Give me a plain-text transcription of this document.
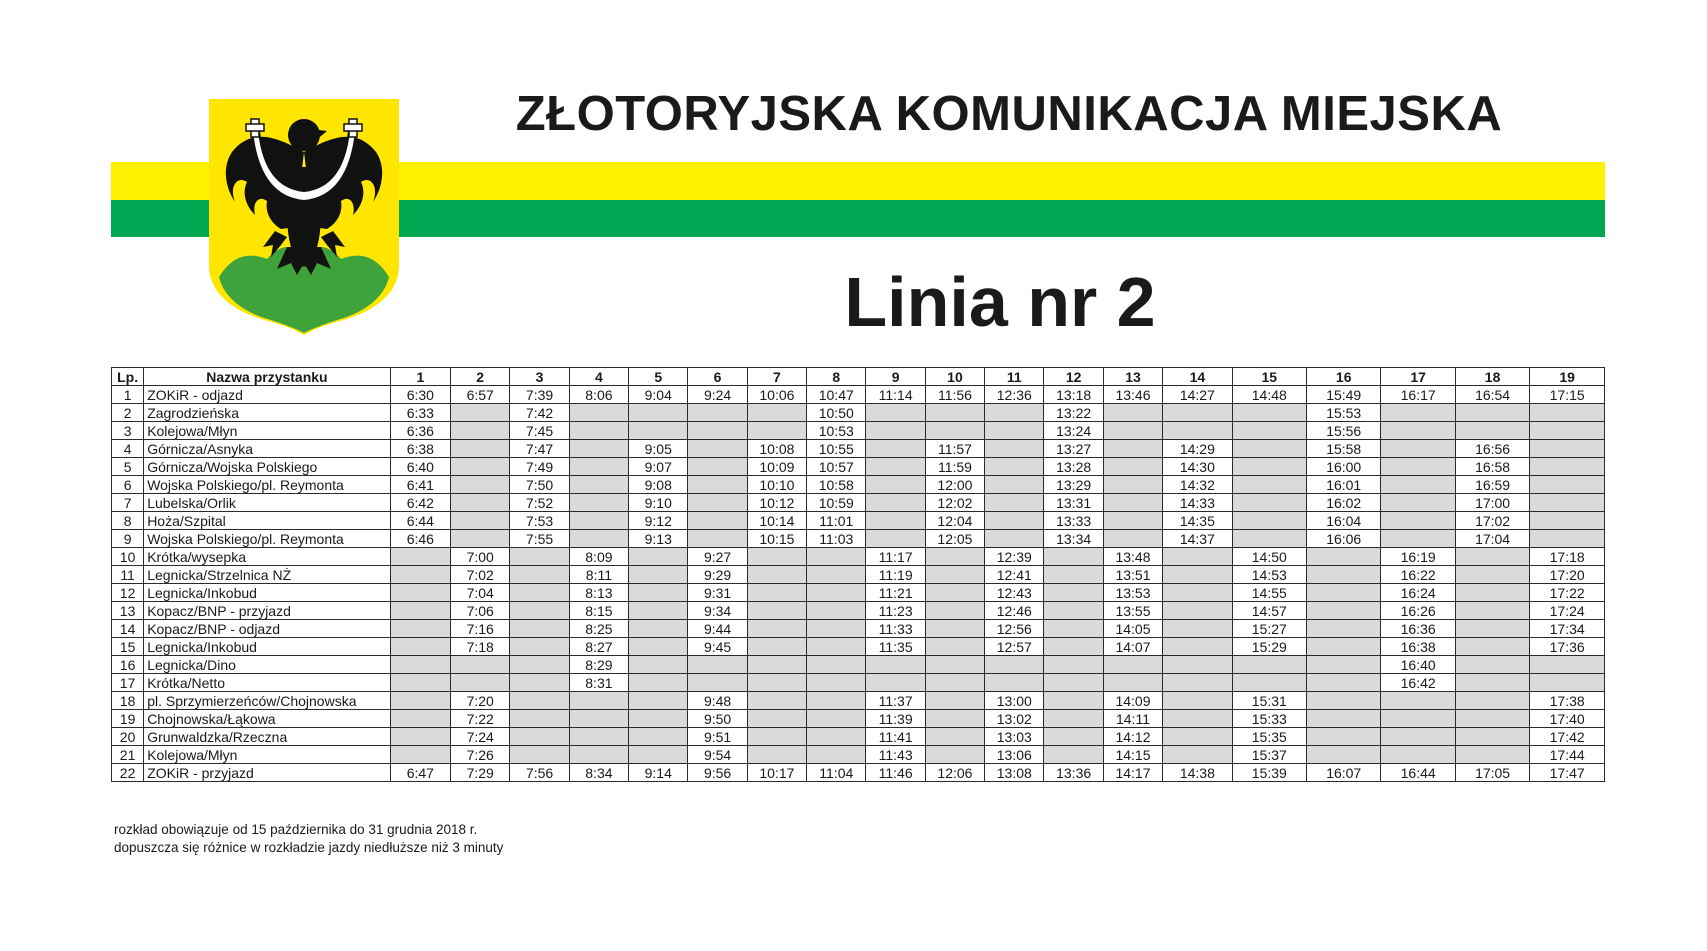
ZŁOTORYJSKA KOMUNIKACJA MIEJSKA
Linia nr 2
Lp.	Nazwa przystanku	1	2	3	4	5	6	7	8	9	10	11	12	13	14	15	16	17	18	19
1	ZOKiR - odjazd	6:30	6:57	7:39	8:06	9:04	9:24	10:06	10:47	11:14	11:56	12:36	13:18	13:46	14:27	14:48	15:49	16:17	16:54	17:15
2	Zagrodzieńska	6:33		7:42					10:50				13:22				15:53			
3	Kolejowa/Młyn	6:36		7:45					10:53				13:24				15:56			
4	Górnicza/Asnyka	6:38		7:47		9:05		10:08	10:55		11:57		13:27		14:29		15:58		16:56	
5	Górnicza/Wojska Polskiego	6:40		7:49		9:07		10:09	10:57		11:59		13:28		14:30		16:00		16:58	
6	Wojska Polskiego/pl. Reymonta	6:41		7:50		9:08		10:10	10:58		12:00		13:29		14:32		16:01		16:59	
7	Lubelska/Orlik	6:42		7:52		9:10		10:12	10:59		12:02		13:31		14:33		16:02		17:00	
8	Hoża/Szpital	6:44		7:53		9:12		10:14	11:01		12:04		13:33		14:35		16:04		17:02	
9	Wojska Polskiego/pl. Reymonta	6:46		7:55		9:13		10:15	11:03		12:05		13:34		14:37		16:06		17:04	
10	Krótka/wysepka		7:00		8:09		9:27			11:17		12:39		13:48		14:50		16:19		17:18
11	Legnicka/Strzelnica NŻ		7:02		8:11		9:29			11:19		12:41		13:51		14:53		16:22		17:20
12	Legnicka/Inkobud		7:04		8:13		9:31			11:21		12:43		13:53		14:55		16:24		17:22
13	Kopacz/BNP - przyjazd		7:06		8:15		9:34			11:23		12:46		13:55		14:57		16:26		17:24
14	Kopacz/BNP - odjazd		7:16		8:25		9:44			11:33		12:56		14:05		15:27		16:36		17:34
15	Legnicka/Inkobud		7:18		8:27		9:45			11:35		12:57		14:07		15:29		16:38		17:36
16	Legnicka/Dino				8:29													16:40		
17	Krótka/Netto				8:31													16:42		
18	pl. Sprzymierzeńców/Chojnowska		7:20				9:48			11:37		13:00		14:09		15:31				17:38
19	Chojnowska/Łąkowa		7:22				9:50			11:39		13:02		14:11		15:33				17:40
20	Grunwaldzka/Rzeczna		7:24				9:51			11:41		13:03		14:12		15:35				17:42
21	Kolejowa/Młyn		7:26				9:54			11:43		13:06		14:15		15:37				17:44
22	ZOKiR - przyjazd	6:47	7:29	7:56	8:34	9:14	9:56	10:17	11:04	11:46	12:06	13:08	13:36	14:17	14:38	15:39	16:07	16:44	17:05	17:47
rozkład obowiązuje od 15 października do 31 grudnia 2018 r.
dopuszcza się różnice w rozkładzie jazdy niedłuższe niż 3 minuty
